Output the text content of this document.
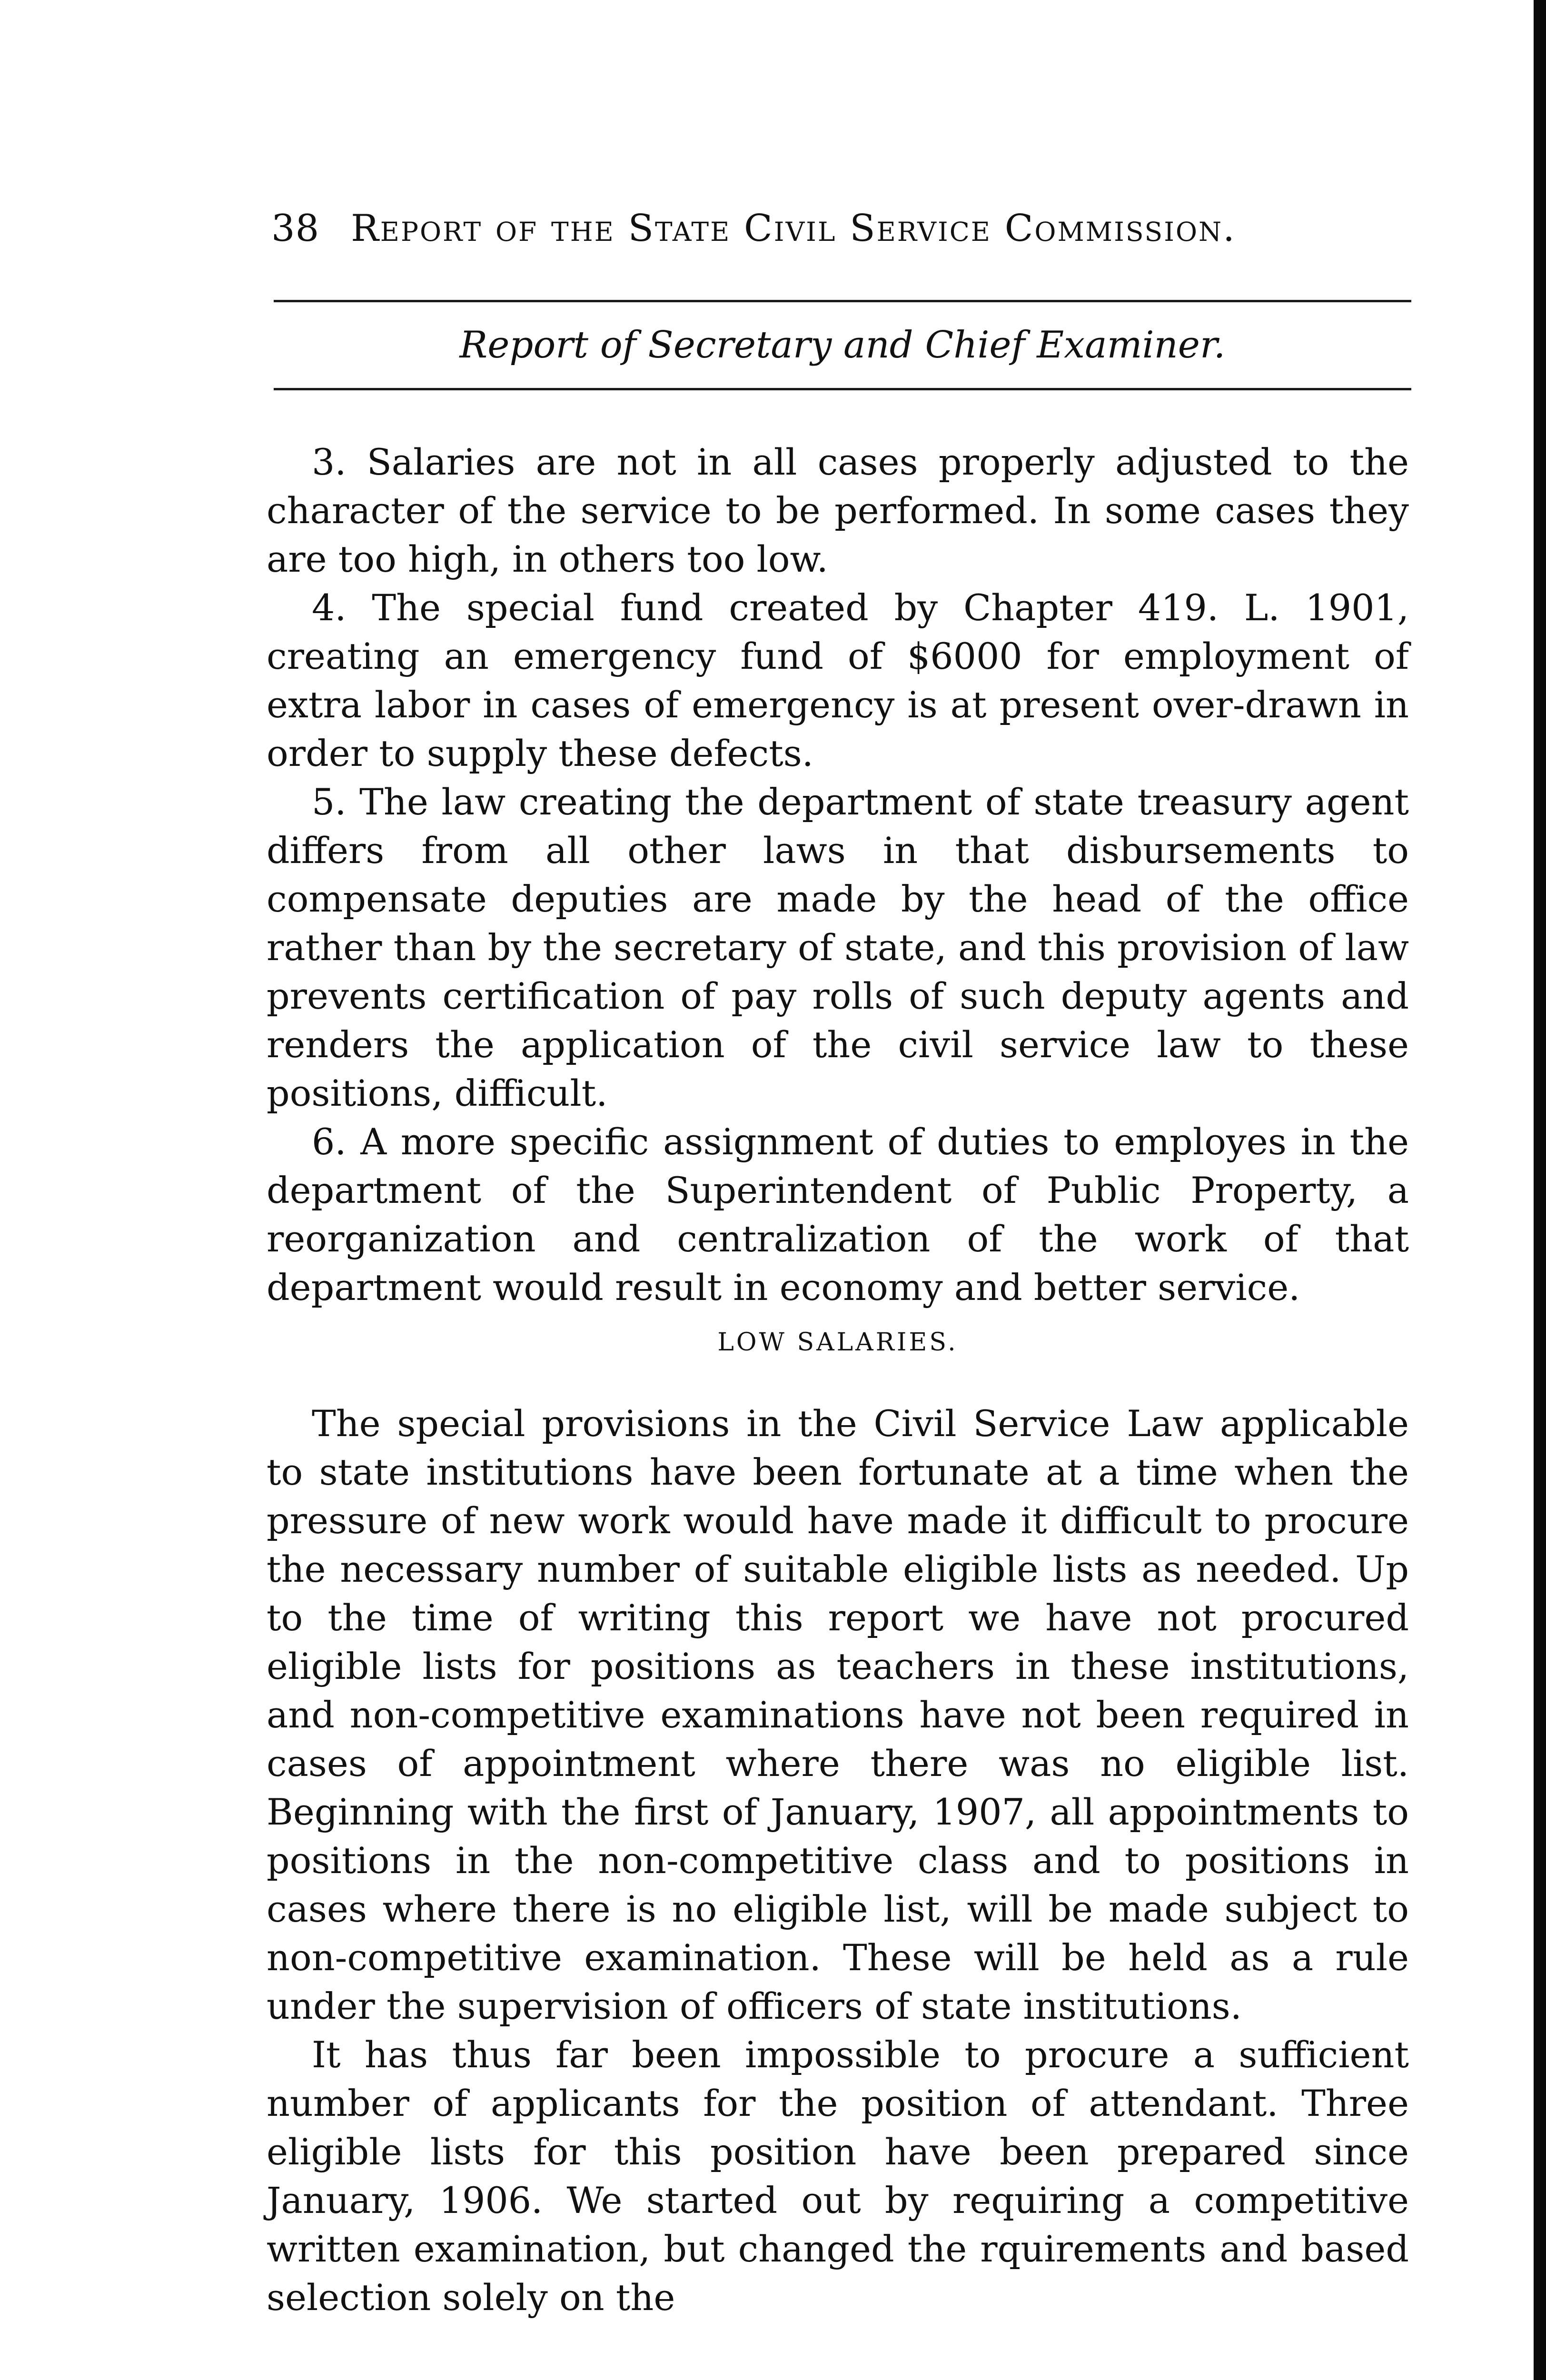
38 Report of the State Civil Service Commission.
Report of Secretary and Chief Examiner.

3. Salaries are not in all cases properly adjusted to the character of the service to be performed. In some cases they are too high, in others too low.

4. The special fund created by Chapter 419. L. 1901, creating an emergency fund of $6000 for employment of extra labor in cases of emergency is at present over-drawn in order to supply these defects.

5. The law creating the department of state treasury agent differs from all other laws in that disbursements to compensate deputies are made by the head of the office rather than by the secretary of state, and this provision of law prevents certification of pay rolls of such deputy agents and renders the application of the civil service law to these positions, difficult.

6. A more specific assignment of duties to employes in the department of the Superintendent of Public Property, a reorganization and centralization of the work of that department would result in economy and better service.

LOW SALARIES.

The special provisions in the Civil Service Law applicable to state institutions have been fortunate at a time when the pressure of new work would have made it difficult to procure the necessary number of suitable eligible lists as needed. Up to the time of writing this report we have not procured eligible lists for positions as teachers in these institutions, and non-competitive examinations have not been required in cases of appointment where there was no eligible list. Beginning with the first of January, 1907, all appointments to positions in the non-competitive class and to positions in cases where there is no eligible list, will be made subject to non-competitive examination. These will be held as a rule under the supervision of officers of state institutions.

It has thus far been impossible to procure a sufficient number of applicants for the position of attendant. Three eligible lists for this position have been prepared since January, 1906. We started out by requiring a competitive written examination, but changed the rquirements and based selection solely on the
